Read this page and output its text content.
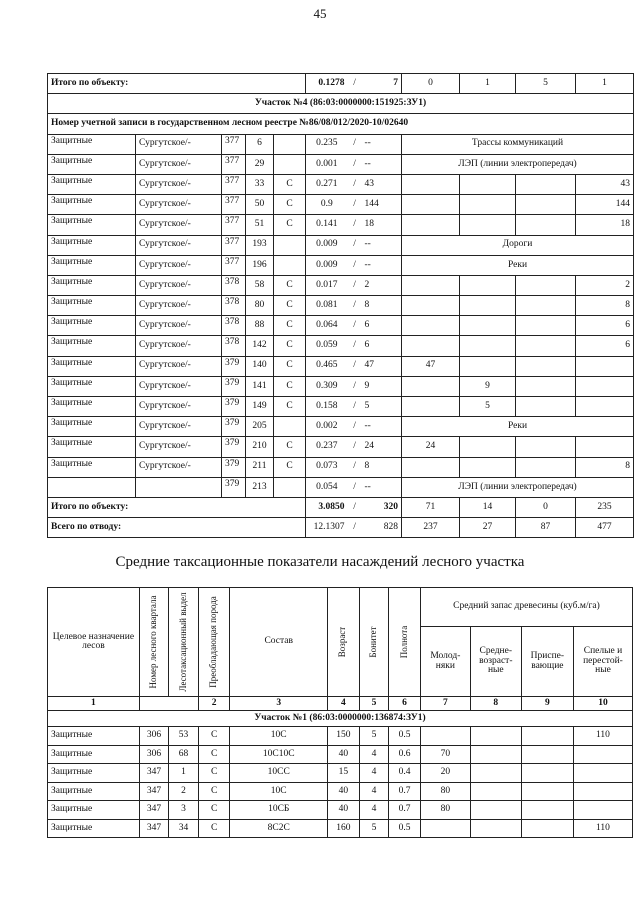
45
Итого по объекту:					0.1278	/	7	0	1	5	1
Участок №4 (86:03:0000000:151925:ЗУ1)											
Номер учетной записи в государственном лесном реестре №86/08/012/2020-10/02640											
Защитные	Сургутское/-	377	6		0.235	/	--	Трассы коммуникаций			
Защитные	Сургутское/-	377	29		0.001	/	--	ЛЭП (линии электропередач)			
Защитные	Сургутское/-	377	33	С	0.271	/	43				43
Защитные	Сургутское/-	377	50	С	0.9	/	144				144
Защитные	Сургутское/-	377	51	С	0.141	/	18				18
Защитные	Сургутское/-	377	193		0.009	/	--	Дороги			
Защитные	Сургутское/-	377	196		0.009	/	--	Реки			
Защитные	Сургутское/-	378	58	С	0.017	/	2				2
Защитные	Сургутское/-	378	80	С	0.081	/	8				8
Защитные	Сургутское/-	378	88	С	0.064	/	6				6
Защитные	Сургутское/-	378	142	С	0.059	/	6				6
Защитные	Сургутское/-	379	140	С	0.465	/	47	47			
Защитные	Сургутское/-	379	141	С	0.309	/	9		9		
Защитные	Сургутское/-	379	149	С	0.158	/	5		5		
Защитные	Сургутское/-	379	205		0.002	/	--	Реки			
Защитные	Сургутское/-	379	210	С	0.237	/	24	24			
Защитные	Сургутское/-	379	211	С	0.073	/	8				8
		379	213		0.054	/	--	ЛЭП (линии электропередач)			
Итого по объекту:					3.0850	/	320	71	14	0	235
Всего по отводу:					12.1307	/	828	237	27	87	477
Средние таксационные показатели насаждений лесного участка
Целевое назначение лесов	Номер лесного квартала	Лесотаксационный выдел	Преобладающая порода	Состав	Возраст	Бонитет	Полнота	Средний запас древесины (куб.м/га)			
								Молод-няки	Средне-возраст-ные	Приспе-вающие	Спелые и перестой-ные
1			2	3	4	5	6	7	8	9	10
Участок №1 (86:03:0000000:136874:ЗУ1)											
Защитные	306	53	С	10С	150	5	0.5				110
Защитные	306	68	С	10С10С	40	4	0.6	70			
Защитные	347	1	С	10СС	15	4	0.4	20			
Защитные	347	2	С	10С	40	4	0.7	80			
Защитные	347	3	С	10СБ	40	4	0.7	80			
Защитные	347	34	С	8С2С	160	5	0.5				110
